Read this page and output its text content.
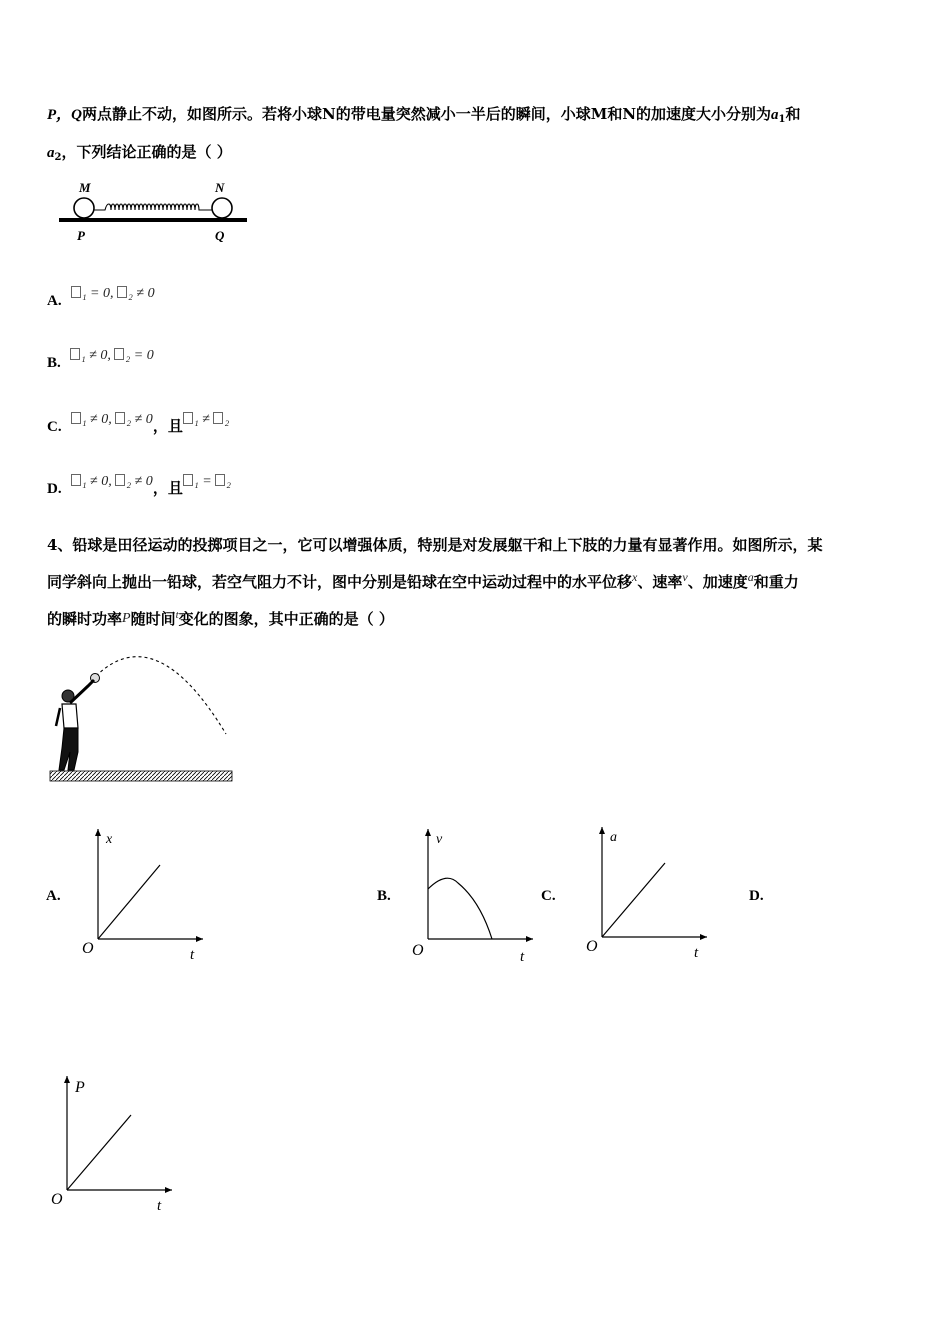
P，Q两点静止不动，如图所示。若将小球N的带电量突然减小一半后的瞬间，小球M和N的加速度大小分别为$a_1$和
$a_2$，下列结论正确的是（ ）
M	N
P	Q
A. ₁ = 0, ₂ ≠ 0
B. ₁ ≠ 0, ₂ = 0
C. ₁ ≠ 0, ₂ ≠ 0，且 ₁ ≠ ₂
D. ₁ ≠ 0, ₂ ≠ 0，且 ₁ = ₂
4、铅球是田径运动的投掷项目之一，它可以增强体质，特别是对发展躯干和上下肢的力量有显著作用。如图所示，某
同学斜向上抛出一铅球，若空气阻力不计，图中分别是铅球在空中运动过程中的水平位移$^x$、速率$^v$、加速度$^a$和重力
的瞬时功率P随时间$^t$变化的图象，其中正确的是（ ）
A.
x
O	t
B.
v
O	t
C.
a
O	t
D.
P
O	t
